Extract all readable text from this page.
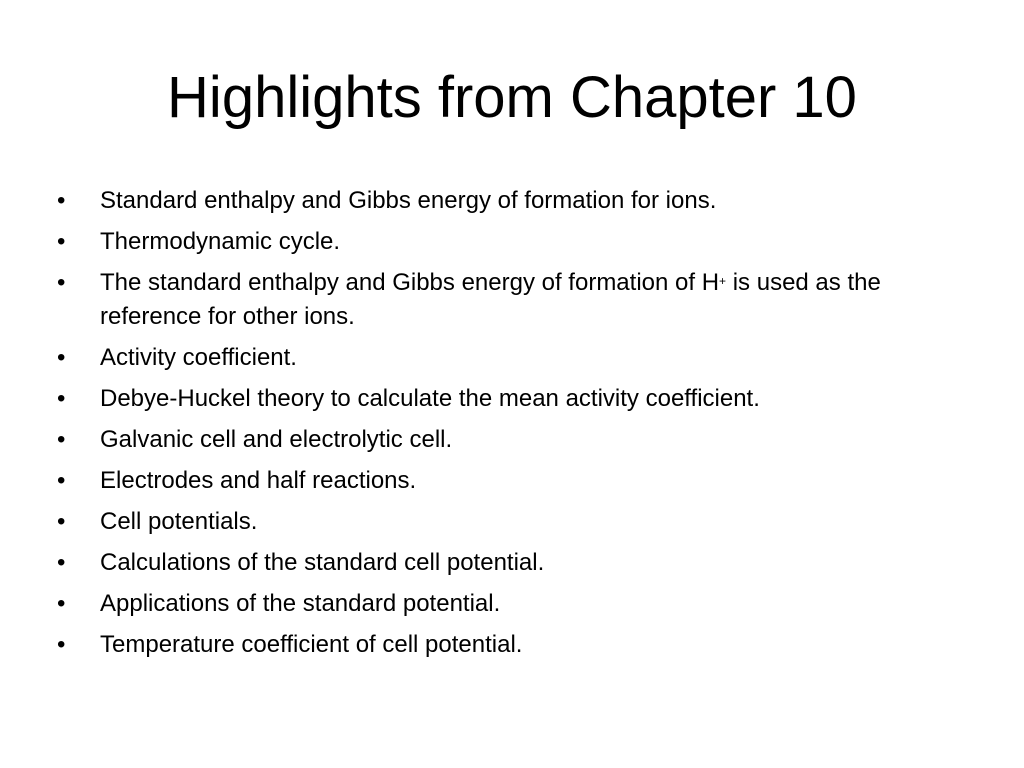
Highlights from Chapter 10
•	Standard enthalpy and Gibbs energy of formation for ions.
•	Thermodynamic cycle.
•	The standard enthalpy and Gibbs energy of formation of H+ is used as the reference for other ions.
•	Activity coefficient.
•	Debye-Huckel theory to calculate the mean activity coefficient.
•	Galvanic cell and electrolytic cell.
•	Electrodes and half reactions.
•	Cell potentials.
•	Calculations of the standard cell potential.
•	Applications of the standard potential.
•	Temperature coefficient of cell potential.
